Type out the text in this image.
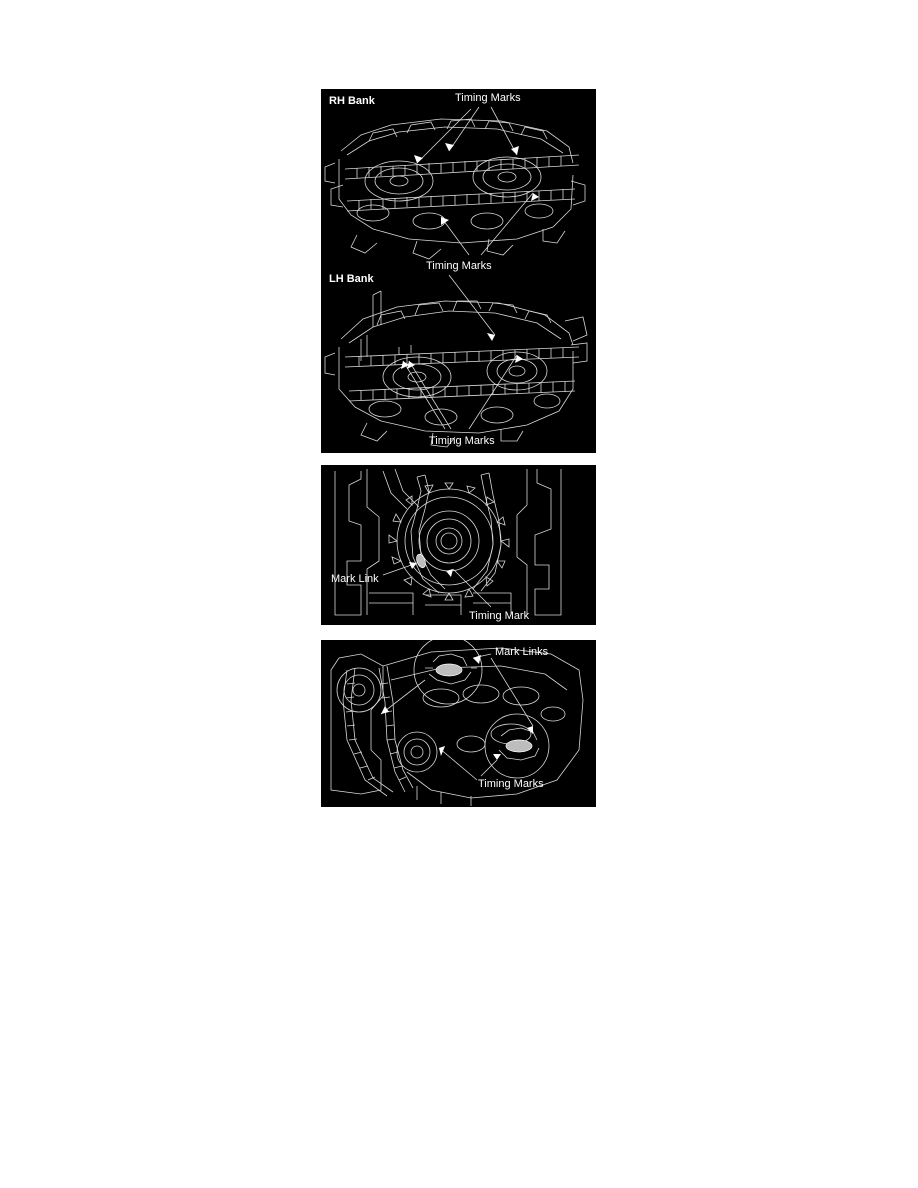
RH Bank	Timing Marks
Timing Marks
LH Bank
Timing Marks
Mark Link
Timing Mark
Mark Links
Timing Marks
